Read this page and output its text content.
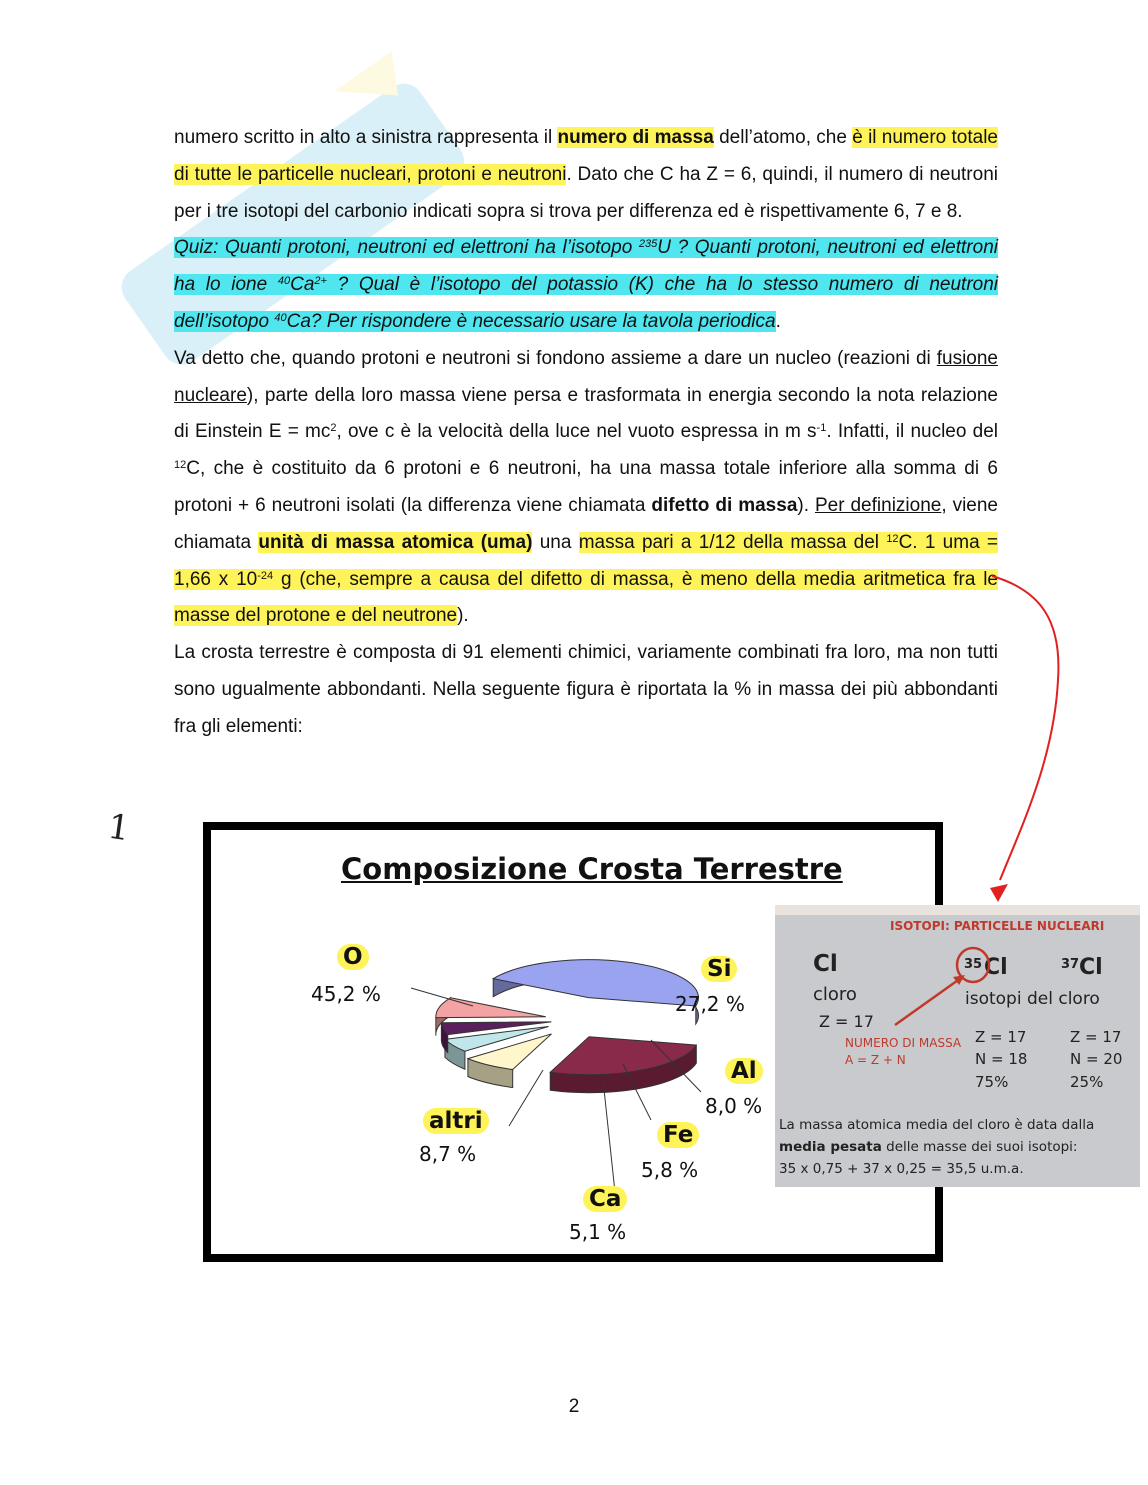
numero scritto in alto a sinistra rappresenta il numero di massa dell’atomo, che è il numero totale di tutte le particelle nucleari, protoni e neutroni. Dato che C ha Z = 6, quindi, il numero di neutroni per i tre isotopi del carbonio indicati sopra si trova per differenza ed è rispettivamente 6, 7 e 8.

Quiz: Quanti protoni, neutroni ed elettroni ha l’isotopo $^{235}$U ? Quanti protoni, neutroni ed elettroni ha lo ione $^{40}Ca^{2+}$ ? Qual è l’isotopo del potassio (K) che ha lo stesso numero di neutroni dell’isotopo $^{40}$Ca? Per rispondere è necessario usare la tavola periodica.

Va detto che, quando protoni e neutroni si fondono assieme a dare un nucleo (reazioni di fusione nucleare), parte della loro massa viene persa e trasformata in energia secondo la nota relazione di Einstein $E = mc^2$, ove c è la velocità della luce nel vuoto espressa in m $s^{-1}$. Infatti, il nucleo del $^{12}$C, che è costituito da 6 protoni e 6 neutroni, ha una massa totale inferiore alla somma di 6 protoni + 6 neutroni isolati (la differenza viene chiamata difetto di massa). Per definizione, viene chiamata unità di massa atomica (uma) una massa pari a 1/12 della massa del $^{12}$C. 1 uma = 1,66 x $10^{-24}$ g (che, sempre a causa del difetto di massa, è meno della media aritmetica fra le masse del protone e del neutrone).

La crosta terrestre è composta di 91 elementi chimici, variamente combinati fra loro, ma non tutti sono ugualmente abbondanti. Nella seguente figura è riportata la % in massa dei più abbondanti fra gli elementi:

1
Composizione Crosta Terrestre
O
45,2 %
Si
27,2 %
Al
8,0 %
Fe
5,8 %
Ca
5,1 %
altri
8,7 %
ISOTOPI: PARTICELLE NUCLEARI
Cl
cloro
Z = 17
35 Cl	37 Cl
isotopi del cloro
NUMERO DI MASSA
A = Z + N
Z = 17
N = 18
75%
Z = 17
N = 20
25%
La massa atomica media del cloro è data dalla
media pesata delle masse dei suoi isotopi:
35 x 0,75 + 37 x 0,25 = 35,5 u.m.a.
2
